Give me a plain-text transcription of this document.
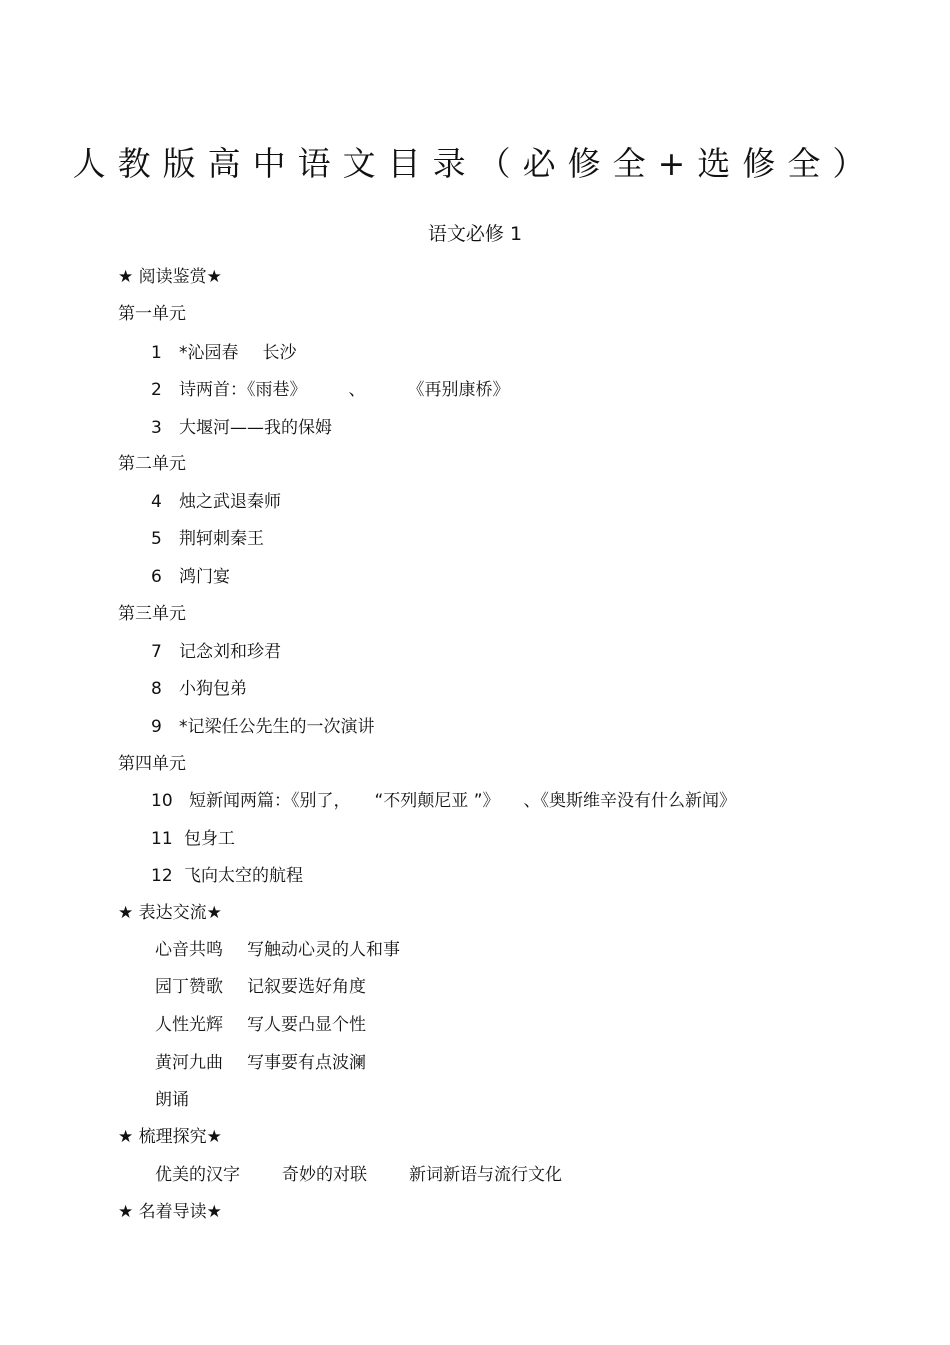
人教版高中语文目录（必修全+选修全）
语文必修 1
★ 阅读鉴赏★
第一单元
1 *沁园春 长沙
2 诗两首：《雨巷》 、 《再别康桥》
3 大堰河——我的保姆
第二单元
4 烛之武退秦师
5 荆轲刺秦王
6 鸿门宴
第三单元
7 记念刘和珍君
8 小狗包弟
9 *记梁任公先生的一次演讲
第四单元
10 短新闻两篇：《别了， “不列颠尼亚 ”》 、《奥斯维辛没有什么新闻》
11 包身工
12 飞向太空的航程
★ 表达交流★
心音共鸣 写触动心灵的人和事
园丁赞歌 记叙要选好角度
人性光辉 写人要凸显个性
黄河九曲 写事要有点波澜
朗诵
★ 梳理探究★
优美的汉字 奇妙的对联 新词新语与流行文化
★ 名着导读★
